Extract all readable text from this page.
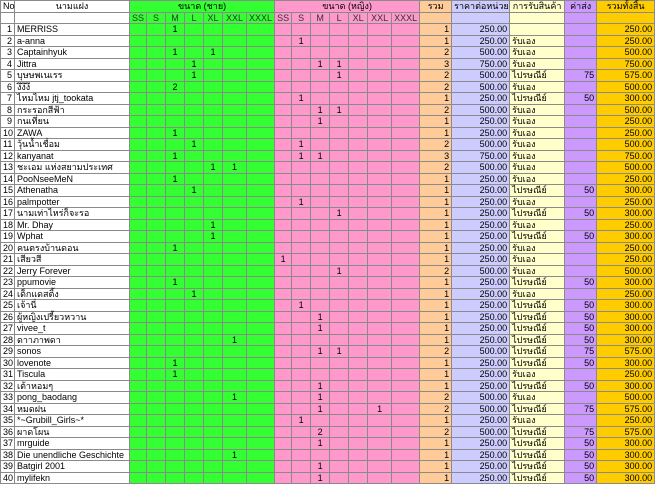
No	นามแฝง	ขนาด (ชาย)							ขนาด (หญิง)							รวม	ราคาต่อหน่วย	การรับสินค้า	ค่าส่ง	รวมทั้งสิ้น
		SS	S	M	L	XL	XXL	XXXL	SS	S	M	L	XL	XXL	XXXL					
1	MERRISS			1												1	250.00			250.00
2	a-anna									1						1	250.00	รับเอง		250.00
3	Captainhyuk			1		1										2	500.00	รับเอง		500.00
4	Jittra				1						1	1				3	750.00	รับเอง		750.00
5	บุษษพเนเรร				1							1				2	500.00	ไปรษณีย์	75	575.00
6	งึงึงึ			2												2	500.00	รับเอง		500.00
7	ไหมไหม jtj_tookata									1						1	250.00	ไปรษณีย์	50	300.00
8	กระรอกสีฟ้า										1	1				2	500.00	รับเอง		500.00
9	กนเที่ยน										1					1	250.00	รับเอง		250.00
10	ZAWA			1												1	250.00	รับเอง		250.00
11	วุ้นน้ำเชื่อม				1					1						2	500.00	รับเอง		500.00
12	kanyanat			1						1	1					3	750.00	รับเอง		750.00
13	ชะเอม แห่งสยามประเทศ					1	1									2	500.00	รับเอง		500.00
14	PooNseeMeN			1												1	250.00	รับเอง		250.00
15	Athenatha				1											1	250.00	ไปรษณีย์	50	300.00
16	palmpotter									1						1	250.00	รับเอง		250.00
17	นามเท่าไหร่ก็จะรอ											1				1	250.00	ไปรษณีย์	50	300.00
18	Mr. Dhay					1										1	250.00	รับเอง		250.00
19	Wphat					1										1	250.00	ไปรษณีย์	50	300.00
20	คนตรงบ้านดอน			1												1	250.00	รับเอง		250.00
21	เสียวสี								1							1	250.00	รับเอง		250.00
22	Jerry Forever											1				2	500.00	รับเอง		500.00
23	ppumovie			1												1	250.00	ไปรษณีย์	50	300.00
24	เด็กแดสติ้ง				1											1	250.00	รับเอง		250.00
25	เจ้านี่									1						1	250.00	ไปรษณีย์	50	300.00
26	ผู้หญิงเปรี้ยวหวาน										1					1	250.00	ไปรษณีย์	50	300.00
27	vivee_t										1					1	250.00	ไปรษณีย์	50	300.00
28	ดาาภาพดา						1									1	250.00	ไปรษณีย์	50	300.00
29	sonos										1	1				2	500.00	ไปรษณีย์	75	575.00
30	lovenote			1												1	250.00	ไปรษณีย์	50	300.00
31	Tiscula			1												1	250.00	รับเอง		250.00
32	เต้าหอมๆ										1					1	250.00	ไปรษณีย์	50	300.00
33	pong_baodang						1				1					2	500.00	รับเอง		500.00
34	หมดฝน										1			1		2	500.00	ไปรษณีย์	75	575.00
35	*~Grubill_Girls~*									1						1	250.00	รับเอง		250.00
36	ผาดโผน										2					2	500.00	ไปรษณีย์	75	575.00
37	mrguide										1					1	250.00	ไปรษณีย์	50	300.00
38	Die unendliche Geschichte						1									1	250.00	ไปรษณีย์	50	300.00
39	Batgirl 2001										1					1	250.00	ไปรษณีย์	50	300.00
40	mylifekn										1					1	250.00	ไปรษณีย์	50	300.00
